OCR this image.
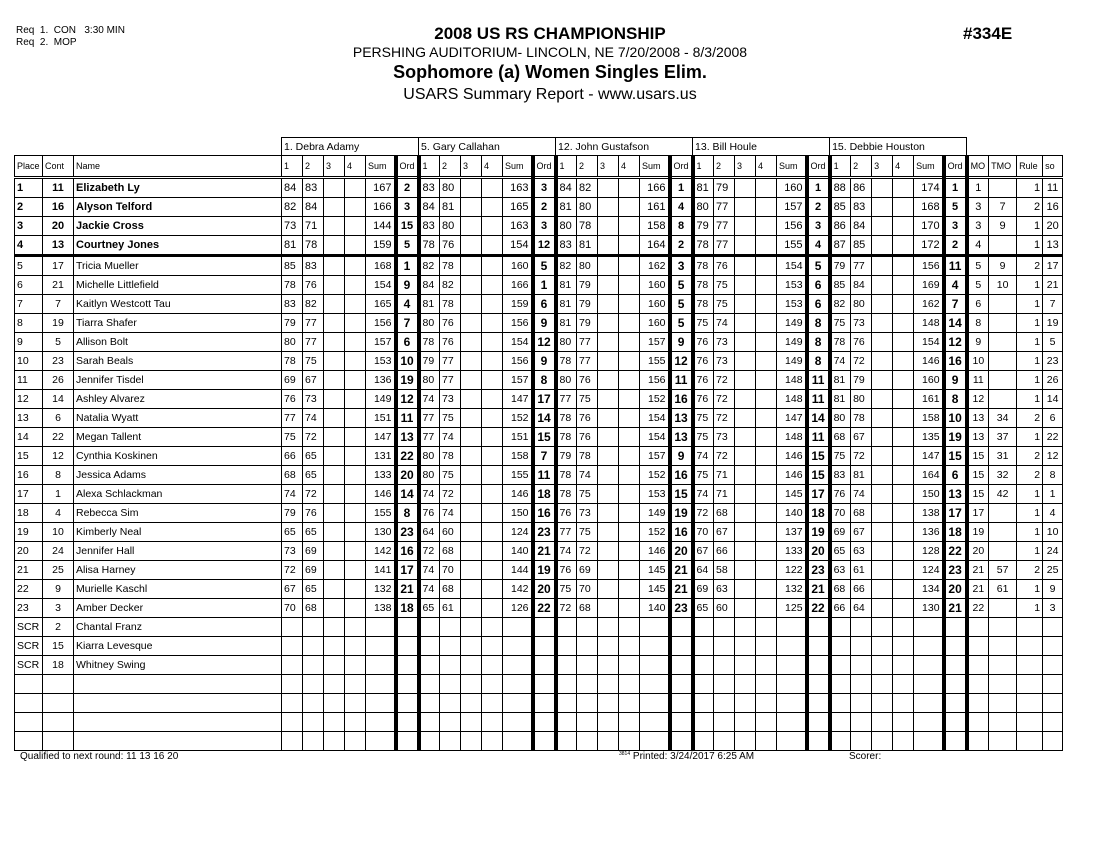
Req  1.  CON   3:30 MIN
Req  2.  MOP	2008 US RS CHAMPIONSHIP
PERSHING AUDITORIUM- LINCOLN, NE 7/20/2008 - 8/3/2008
Sophomore (a) Women Singles Elim.
USARS Summary Report - www.usars.us
#334E
			1. Debra Adamy						5. Gary Callahan						12. John Gustafson						13. Bill Houle						15. Debbie Houston									
Place	Cont	Name	1	2	3	4	Sum	Ord	1	2	3	4	Sum	Ord	1	2	3	4	Sum	Ord	1	2	3	4	Sum	Ord	1	2	3	4	Sum	Ord	MO	TMO	Rule	so
1	11	Elizabeth Ly	84	83			167	2	83	80			163	3	84	82			166	1	81	79			160	1	88	86			174	1	1		1	11
2	16	Alyson Telford	82	84			166	3	84	81			165	2	81	80			161	4	80	77			157	2	85	83			168	5	3	7	2	16
3	20	Jackie Cross	73	71			144	15	83	80			163	3	80	78			158	8	79	77			156	3	86	84			170	3	3	9	1	20
4	13	Courtney Jones	81	78			159	5	78	76			154	12	83	81			164	2	78	77			155	4	87	85			172	2	4		1	13
5	17	Tricia Mueller	85	83			168	1	82	78			160	5	82	80			162	3	78	76			154	5	79	77			156	11	5	9	2	17
6	21	Michelle Littlefield	78	76			154	9	84	82			166	1	81	79			160	5	78	75			153	6	85	84			169	4	5	10	1	21
7	7	Kaitlyn Westcott Tau	83	82			165	4	81	78			159	6	81	79			160	5	78	75			153	6	82	80			162	7	6		1	7
8	19	Tiarra Shafer	79	77			156	7	80	76			156	9	81	79			160	5	75	74			149	8	75	73			148	14	8		1	19
9	5	Allison Bolt	80	77			157	6	78	76			154	12	80	77			157	9	76	73			149	8	78	76			154	12	9		1	5
10	23	Sarah Beals	78	75			153	10	79	77			156	9	78	77			155	12	76	73			149	8	74	72			146	16	10		1	23
11	26	Jennifer Tisdel	69	67			136	19	80	77			157	8	80	76			156	11	76	72			148	11	81	79			160	9	11		1	26
12	14	Ashley Alvarez	76	73			149	12	74	73			147	17	77	75			152	16	76	72			148	11	81	80			161	8	12		1	14
13	6	Natalia Wyatt	77	74			151	11	77	75			152	14	78	76			154	13	75	72			147	14	80	78			158	10	13	34	2	6
14	22	Megan Tallent	75	72			147	13	77	74			151	15	78	76			154	13	75	73			148	11	68	67			135	19	13	37	1	22
15	12	Cynthia Koskinen	66	65			131	22	80	78			158	7	79	78			157	9	74	72			146	15	75	72			147	15	15	31	2	12
16	8	Jessica Adams	68	65			133	20	80	75			155	11	78	74			152	16	75	71			146	15	83	81			164	6	15	32	2	8
17	1	Alexa Schlackman	74	72			146	14	74	72			146	18	78	75			153	15	74	71			145	17	76	74			150	13	15	42	1	1
18	4	Rebecca Sim	79	76			155	8	76	74			150	16	76	73			149	19	72	68			140	18	70	68			138	17	17		1	4
19	10	Kimberly Neal	65	65			130	23	64	60			124	23	77	75			152	16	70	67			137	19	69	67			136	18	19		1	10
20	24	Jennifer Hall	73	69			142	16	72	68			140	21	74	72			146	20	67	66			133	20	65	63			128	22	20		1	24
21	25	Alisa Harney	72	69			141	17	74	70			144	19	76	69			145	21	64	58			122	23	63	61			124	23	21	57	2	25
22	9	Murielle Kaschl	67	65			132	21	74	68			142	20	75	70			145	21	69	63			132	21	68	66			134	20	21	61	1	9
23	3	Amber Decker	70	68			138	18	65	61			126	22	72	68			140	23	65	60			125	22	66	64			130	21	22		1	3
SCR	2	Chantal Franz																																		
SCR	15	Kiarra Levesque																																		
SCR	18	Whitney Swing																																		

Qualified to next round: 11 13 16 20	$^{3814}$ Printed: 3/24/2017 6:25 AM	Scorer:
